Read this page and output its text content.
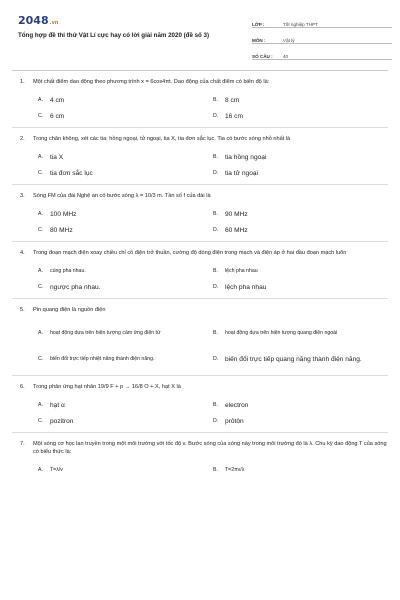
2048.vn
Tổng hợp đề thi thử Vật Lí cực hay có lời giải năm 2020 (đề số 3)
LỚP :	Tốt nghiệp THPT
MÔN :	Vật lý
SỐ CÂU :	40
1.	Một chất điểm dao động theo phương trình x = 6cos4πt. Dao động của chất điểm có biên độ là:
A.	4 cm	B.	8 cm
C.	6 cm	D.	16 cm
2.	Trong chân không, xét các tia: hồng ngoại, tử ngoại, tia X, tia đơn sắc lục. Tia có bước sóng nhỏ nhất là
A.	tia X	B.	tia hồng ngoại
C.	tia đơn sắc lục	D.	tia tử ngoại
3.	Sóng FM của đài Nghệ an có bước sóng λ = 10/3 m. Tần số f của đài là
A.	100 MHz	B.	90 MHz
C.	80 MHz	D.	60 MHz
4.	Trong đoạn mạch điện xoay chiều chỉ có điện trở thuần, cường độ dòng điện trong mạch và điện áp ở hai đầu đoạn mạch luôn
A.	cùng pha nhau.	B.	lệch pha nhau
C.	ngược pha nhau.	D.	lệch pha nhau
5.	Pin quang điện là nguồn điện
A.	hoạt động dựa trên hiện tượng cảm ứng điện từ	B.	hoạt động dựa trên hiện tượng quang điện ngoài
C.	biến đổi trực tiếp nhiệt năng thành điện năng.	D.	biến đổi trực tiếp quang năng thành điện năng.
6.	Trong phản ứng hạt nhân 19/9 F + p → 16/8 O + X, hạt X là
A.	hạt α	B.	electron
C.	pozitron	D.	prôtôn
7.	Một sóng cơ học lan truyền trong một môi trường với tốc độ v. Bước sóng của sóng này trong môi trường đó là λ. Chu kỳ dao động T của sóng có biểu thức là:
A.	T=λ/v	B.	T=2πv/λ
